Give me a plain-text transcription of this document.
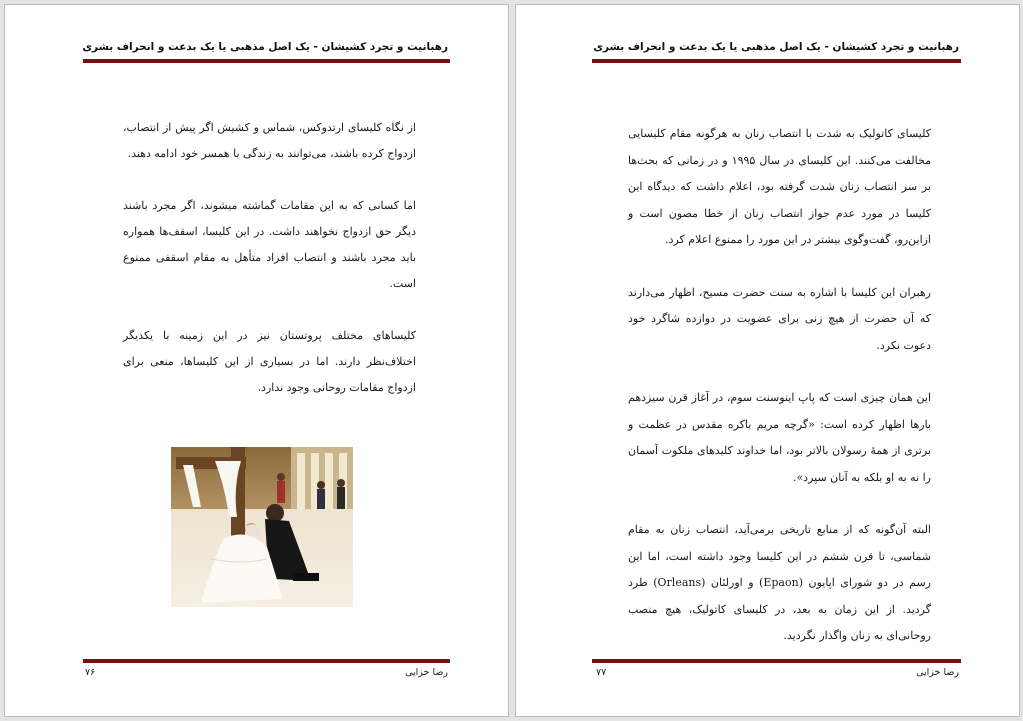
رهبانیت و تجرد کشیشان - یک اصل مذهبی یا یک بدعت و انحراف بشری

از نگاه کلیسای ارتدوکس، شماس و کشیش اگر پیش از انتصاب، ازدواج کرده باشند، می‌توانند به زندگی با همسر خود ادامه دهند.

اما کسانی که به این مقامات گماشته میشوند، اگر مجرد باشند دیگر حق ازدواج نخواهند داشت. در این کلیسا، اسقف‌ها همواره باید مجرد باشند و انتصاب افراد متأهل به مقام اسقفی ممنوع است.

کلیساهای مختلف پروتستان نیز در این زمینه با یکدیگر اختلاف‌نظر دارند. اما در بسیاری از این کلیساها، منعی برای ازدواج مقامات روحانی وجود ندارد.

رضا خزایی
۷۶
رهبانیت و تجرد کشیشان - یک اصل مذهبی یا یک بدعت و انحراف بشری

کلیسای کاتولیک به شدت با انتصاب زنان به هرگونه مقام کلیسایی مخالفت می‌کنند. این کلیسای در سال ۱۹۹۵ و در زمانی که بحث‌ها بر سر انتصاب زنان شدت گرفته بود، اعلام داشت که دیدگاه این کلیسا در مورد عدم جواز انتصاب زنان از خطا مصون است و ازاین‌رو، گفت‌وگوی بیشتر در این مورد را ممنوع اعلام کرد.

رهبران این کلیسا با اشاره به سنت حضرت مسیح، اظهار می‌دارند که آن حضرت از هیچ زنی برای عضویت در دوازده شاگرد خود دعوت نکرد.

این همان چیزی است که پاپ اینوسنت سوم، در آغاز قرن سیزدهم بارها اظهار کرده است: «گرچه مریم باکره مقدس در عظمت و برتری از همهٔ رسولان بالاتر بود، اما خداوند کلیدهای ملکوت آسمان را نه به او بلکه به آنان سپرد».

البته آن‌گونه که از منابع تاریخی برمی‌آید، انتصاب زنان به مقام شماسی، تا قرن ششم در این کلیسا وجود داشته است، اما این رسم در دو شورای اپایون (Epaon) و اورلئان (Orleans) طرد گردید. از این زمان به بعد، در کلیسای کاتولیک، هیچ منصب روحانی‌ای به زنان واگذار نگردید.

رضا خزایی
۷۷
